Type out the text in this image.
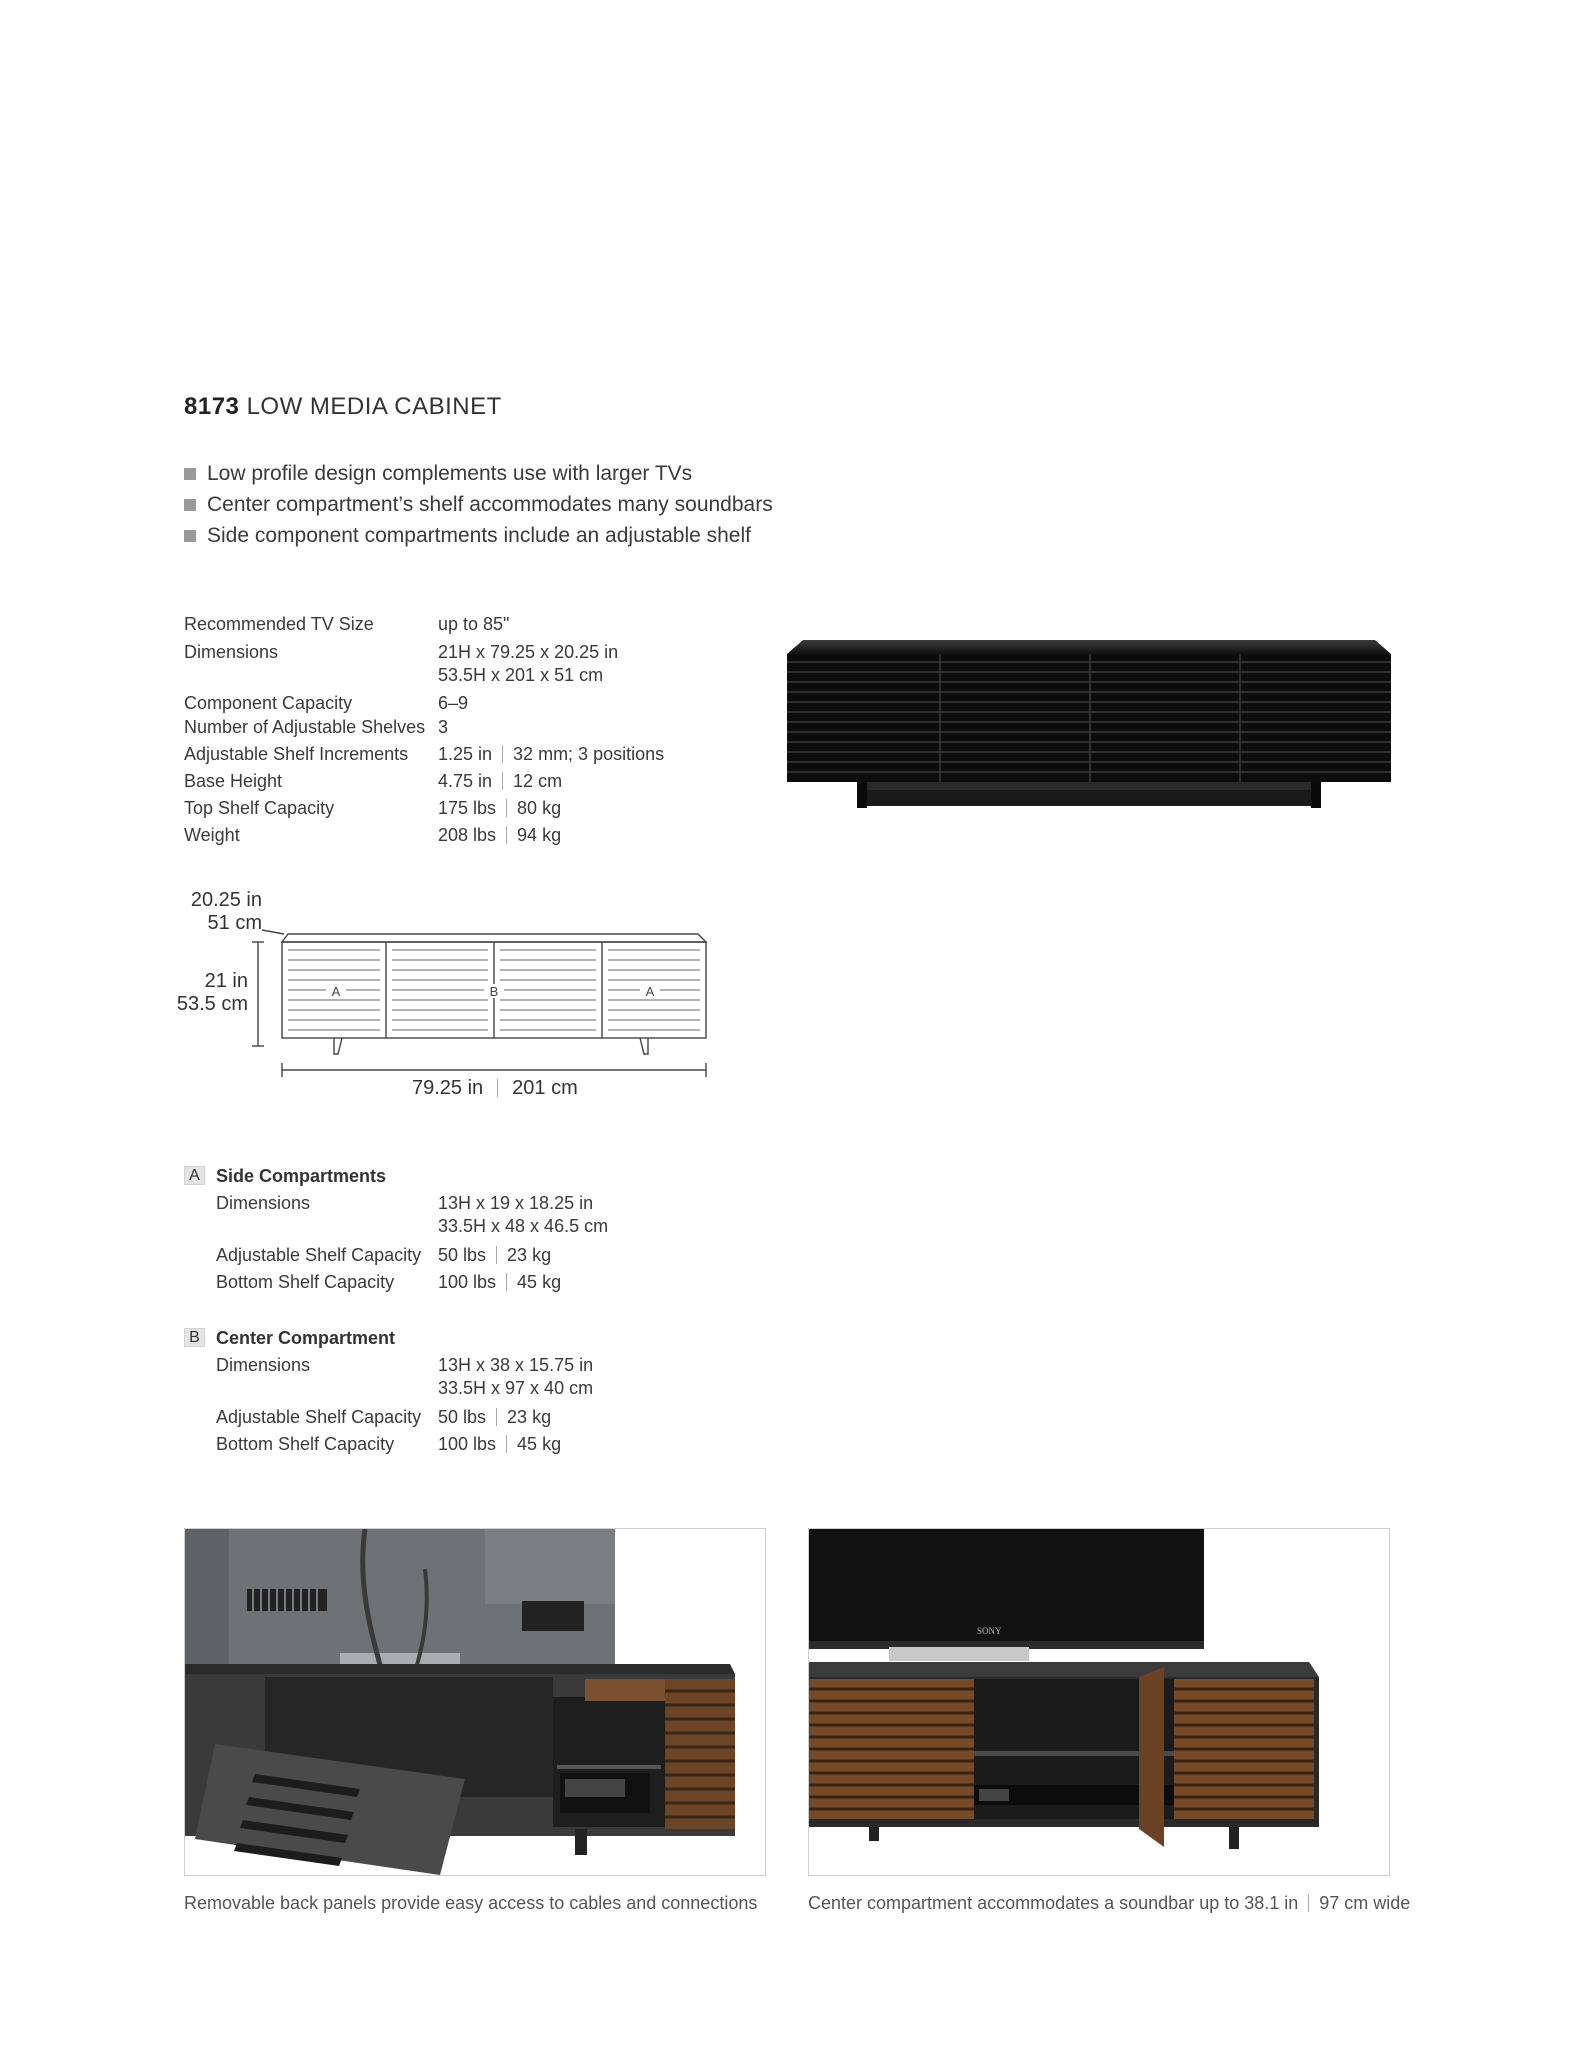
8173 LOW MEDIA CABINET
Low profile design complements use with larger TVs
Center compartment’s shelf accommodates many soundbars
Side component compartments include an adjustable shelf
Recommended TV Size	up to 85"
Dimensions	21H x 79.25 x 20.25 in
53.5H x 201 x 51 cm
Component Capacity	6–9
Number of Adjustable Shelves 3
Adjustable Shelf Increments 1.25 in 32 mm; 3 positions
Base Height	4.75 in 12 cm
Top Shelf Capacity	175 lbs 80 kg
Weight	208 lbs 94 kg
20.25 in
51 cm
21 in
53.5 cm
A	B	A
79.25 in 201 cm
A Side Compartments
Dimensions	13H x 19 x 18.25 in
33.5H x 48 x 46.5 cm
Adjustable Shelf Capacity 50 lbs 23 kg
Bottom Shelf Capacity 100 lbs 45 kg
B Center Compartment
Dimensions	13H x 38 x 15.75 in
33.5H x 97 x 40 cm
Adjustable Shelf Capacity 50 lbs 23 kg
Bottom Shelf Capacity 100 lbs 45 kg
SONY
Removable back panels provide easy access to cables and connections	Center compartment accommodates a soundbar up to 38.1 in 97 cm wide
